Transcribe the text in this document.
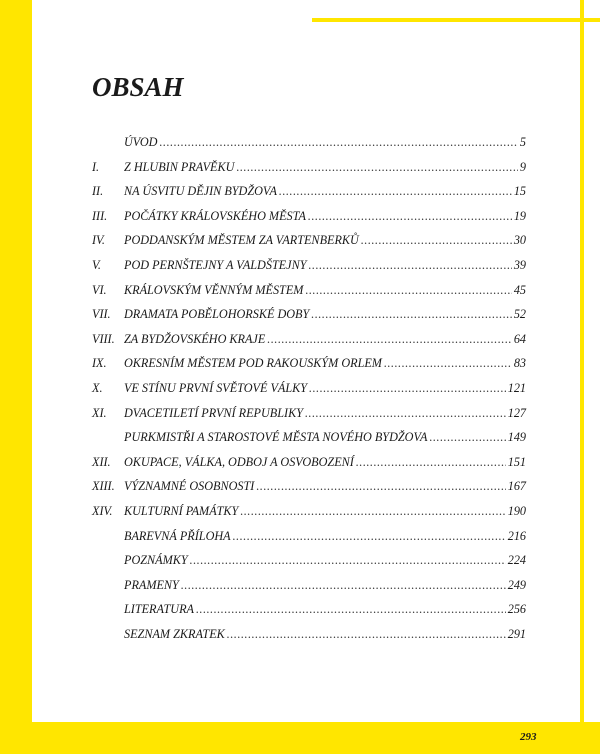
OBSAH
ÚVOD .....	5
I.	Z HLUBIN PRAVĚKU .....	9
II.	NA ÚSVITU DĚJIN BYDŽOVA .....	15
III.	POČÁTKY KRÁLOVSKÉHO MĚSTA .....	19
IV.	PODDANSKÝM MĚSTEM ZA VARTENBERKŮ .....	30
V.	POD PERNŠTEJNY A VALDŠTEJNY .....	39
VI.	KRÁLOVSKÝM VĚNNÝM MĚSTEM .....	45
VII.	DRAMATA POBĚLOHORSKÉ DOBY .....	52
VIII. ZA BYDŽOVSKÉHO KRAJE .....	64
IX.	OKRESNÍM MĚSTEM POD RAKOUSKÝM ORLEM .....	83
X.	VE STÍNU PRVNÍ SVĚTOVÉ VÁLKY .....	121
XI.	DVACETILETÍ PRVNÍ REPUBLIKY .....	127
PURKMISTŘI A STAROSTOVÉ MĚSTA NOVÉHO BYDŽOVA .....	149
XII.	OKUPACE, VÁLKA, ODBOJ A OSVOBOZENÍ .....	151
XIII. VÝZNAMNÉ OSOBNOSTI .....	167
XIV. KULTURNÍ PAMÁTKY .....	190
BAREVNÁ PŘÍLOHA .....	216
POZNÁMKY .....	224
PRAMENY .....	249
LITERATURA .....	256
SEZNAM ZKRATEK .....	291
293
